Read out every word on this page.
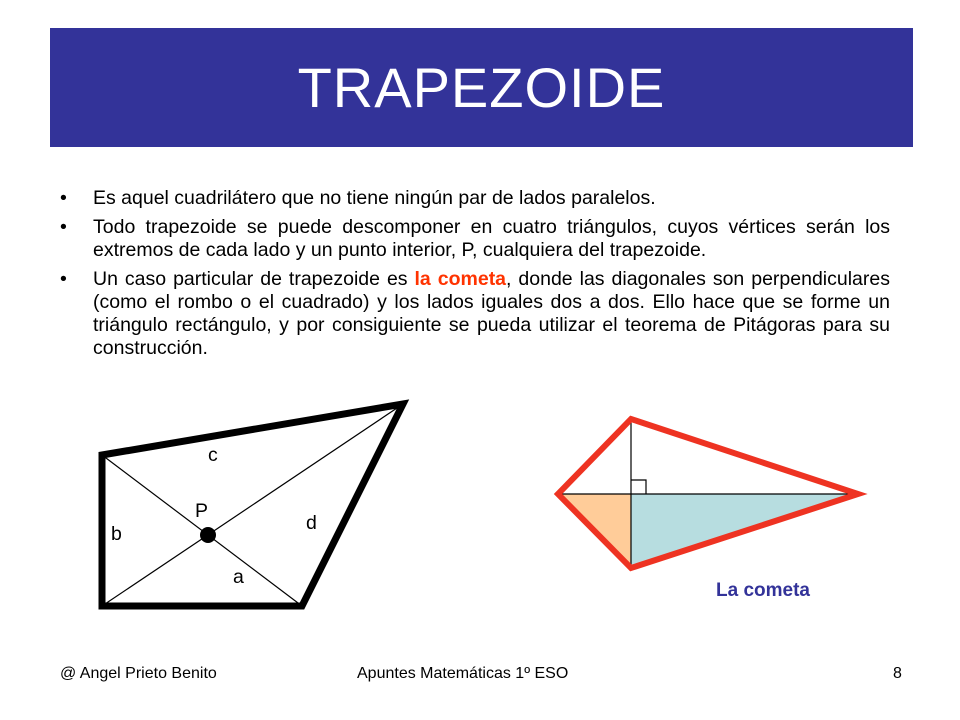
TRAPEZOIDE
• Es aquel cuadrilátero que no tiene ningún par de lados paralelos.
• Todo trapezoide se puede descomponer en cuatro triángulos, cuyos vértices serán los extremos de cada lado y un punto interior, P, cualquiera del trapezoide.
• Un caso particular de trapezoide es la cometa, donde las diagonales son perpendiculares (como el rombo o el cuadrado) y los lados iguales dos a dos. Ello hace que se forme un triángulo rectángulo, y por consiguiente se pueda utilizar el teorema de Pitágoras para su construcción.
c
P
d
b
a
La cometa
@ Angel Prieto Benito	Apuntes Matemáticas 1º ESO	8
